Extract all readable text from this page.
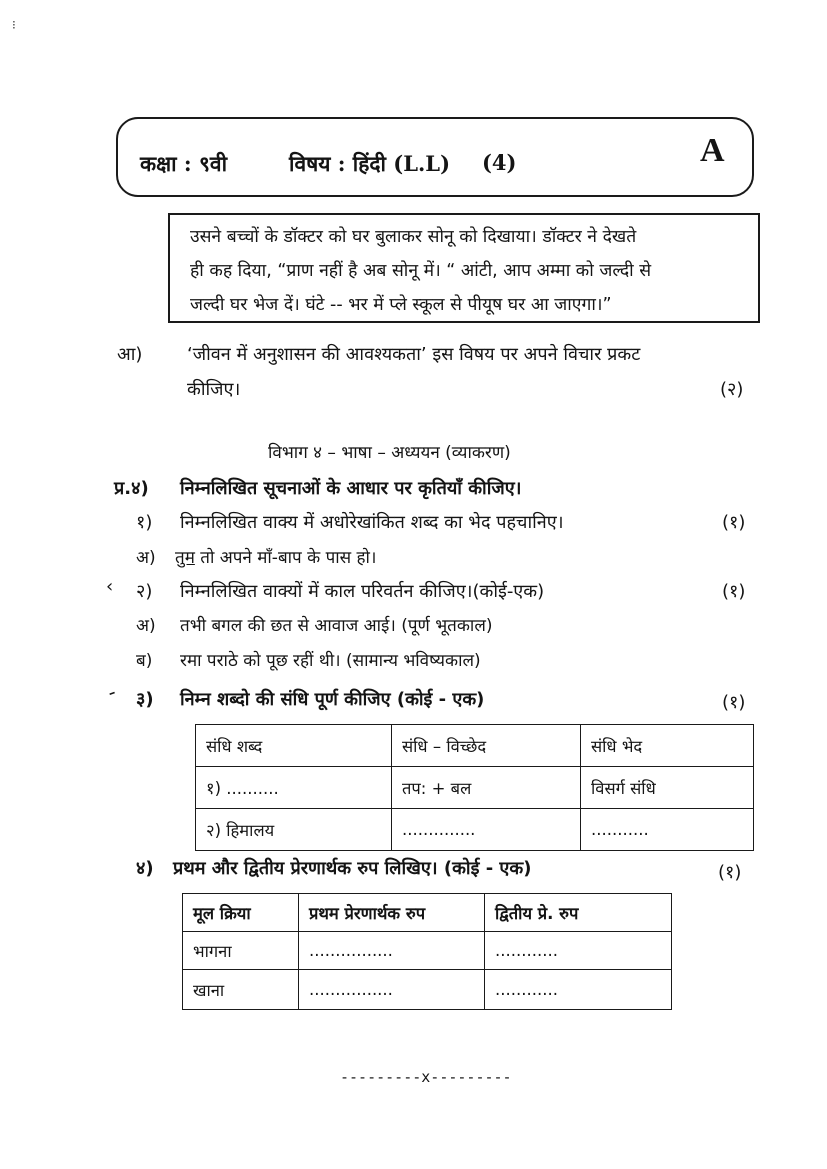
⁝
कक्षा : ९वी	विषय : हिंदी (L.L) (4)	A
उसने बच्चों के डॉक्टर को घर बुलाकर सोनू को दिखाया। डॉक्टर ने देखते
ही कह दिया, “प्राण नहीं है अब सोनू में। “ आंटी, आप अम्मा को जल्दी से
जल्दी घर भेज दें। घंटे -- भर में प्ले स्कूल से पीयूष घर आ जाएगा।”
आ) ‘जीवन में अनुशासन की आवश्यकता’ इस विषय पर अपने विचार प्रकट
कीजिए।	(२)
विभाग ४ – भाषा – अध्ययन (व्याकरण)
प्र.४) निम्नलिखित सूचनाओं के आधार पर कृतियाँ कीजिए।
१) निम्नलिखित वाक्य में अधोरेखांकित शब्द का भेद पहचानिए।	(१)
अ) तुम तो अपने माँ-बाप के पास हो।
‹ २) निम्नलिखित वाक्यों में काल परिवर्तन कीजिए।(कोई-एक)	(१)
अ) तभी बगल की छत से आवाज आई। (पूर्ण भूतकाल)
ब) रमा पराठे को पूछ रहीं थी। (सामान्य भविष्यकाल)
- ३) निम्न शब्दो की संधि पूर्ण कीजिए (कोई - एक)	(१)
संधि शब्द	संधि – विच्छेद	संधि भेद
१) ..........	तप: + बल	विसर्ग संधि
२) हिमालय	..............	...........
४) प्रथम और द्वितीय प्रेरणार्थक रुप लिखिए। (कोई - एक)	(१)
मूल क्रिया	प्रथम प्रेरणार्थक रुप	द्वितीय प्रे. रुप
भागना	................	............
खाना	................	............
---------x---------
